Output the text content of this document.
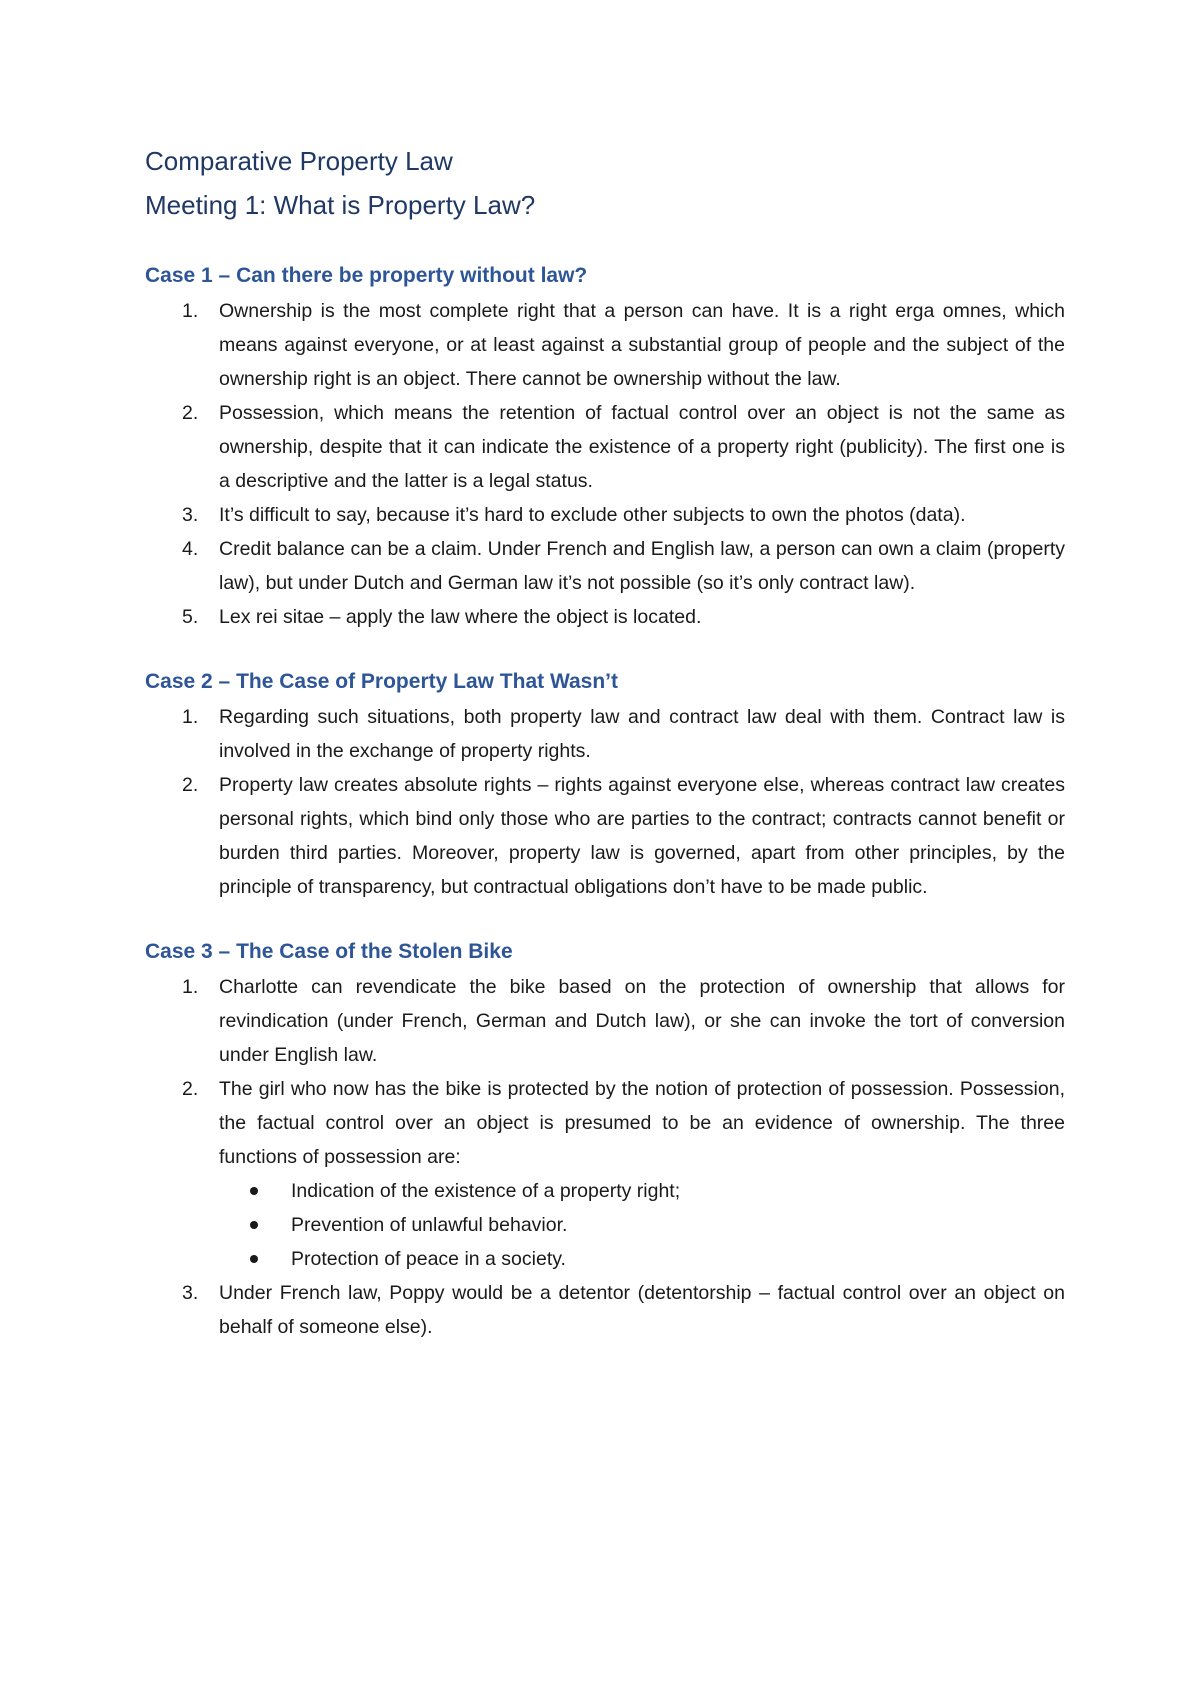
Comparative Property Law
Meeting 1: What is Property Law?
Case 1 – Can there be property without law?
1. Ownership is the most complete right that a person can have. It is a right erga omnes, which means against everyone, or at least against a substantial group of people and the subject of the ownership right is an object. There cannot be ownership without the law.
2. Possession, which means the retention of factual control over an object is not the same as ownership, despite that it can indicate the existence of a property right (publicity). The first one is a descriptive and the latter is a legal status.
3. It’s difficult to say, because it’s hard to exclude other subjects to own the photos (data).
4. Credit balance can be a claim. Under French and English law, a person can own a claim (property law), but under Dutch and German law it’s not possible (so it’s only contract law).
5. Lex rei sitae – apply the law where the object is located.
Case 2 – The Case of Property Law That Wasn’t
1. Regarding such situations, both property law and contract law deal with them. Contract law is involved in the exchange of property rights.
2. Property law creates absolute rights – rights against everyone else, whereas contract law creates personal rights, which bind only those who are parties to the contract; contracts cannot benefit or burden third parties. Moreover, property law is governed, apart from other principles, by the principle of transparency, but contractual obligations don’t have to be made public.
Case 3 – The Case of the Stolen Bike
1. Charlotte can revendicate the bike based on the protection of ownership that allows for revindication (under French, German and Dutch law), or she can invoke the tort of conversion under English law.
2. The girl who now has the bike is protected by the notion of protection of possession. Possession, the factual control over an object is presumed to be an evidence of ownership. The three functions of possession are:
Indication of the existence of a property right;
Prevention of unlawful behavior.
Protection of peace in a society.
3. Under French law, Poppy would be a detentor (detentorship – factual control over an object on behalf of someone else).
